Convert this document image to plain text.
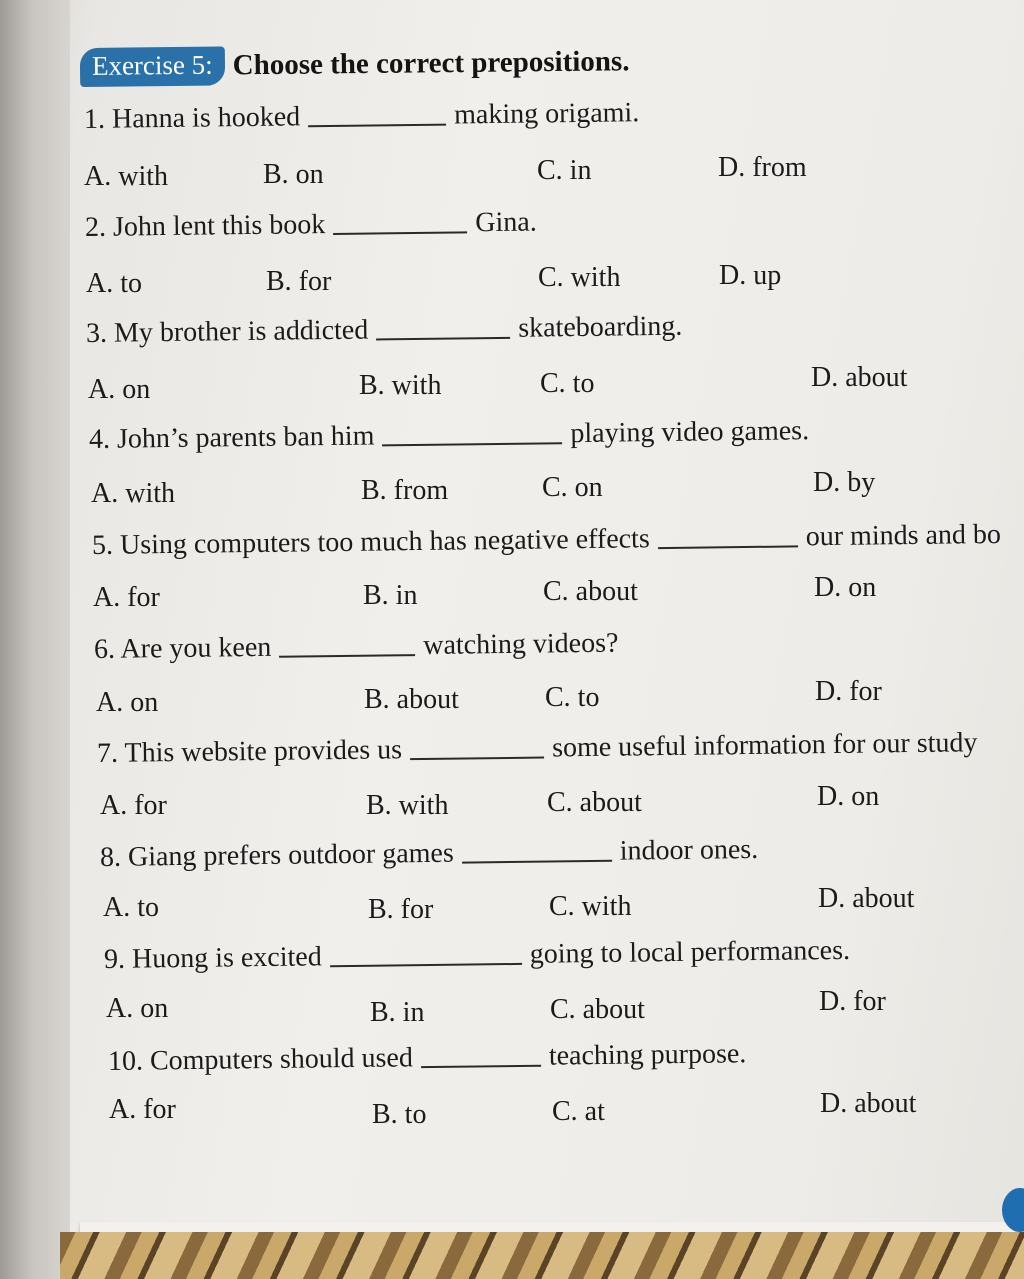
Exercise 5: Choose the correct prepositions.
1. Hanna is hooked	making origami.
A. with	B. on	C. in	D. from
2. John lent this book	Gina.
A. to	B. for	C. with	D. up
3. My brother is addicted	skateboarding.
A. on	B. with	C. to	D. about
4. John’s parents ban him	playing video games.
A. with	B. from	C. on	D. by
5. Using computers too much has negative effects	our minds and bo
A. for	B. in	C. about	D. on
6. Are you keen	watching videos?
A. on	B. about	C. to	D. for
7. This website provides us	some useful information for our study
A. for	B. with	C. about	D. on
8. Giang prefers outdoor games	indoor ones.
A. to	B. for	C. with	D. about
9. Huong is excited	going to local performances.
A. on	B. in	C. about	D. for
10. Computers should used	teaching purpose.
A. for	B. to	C. at	D. about
